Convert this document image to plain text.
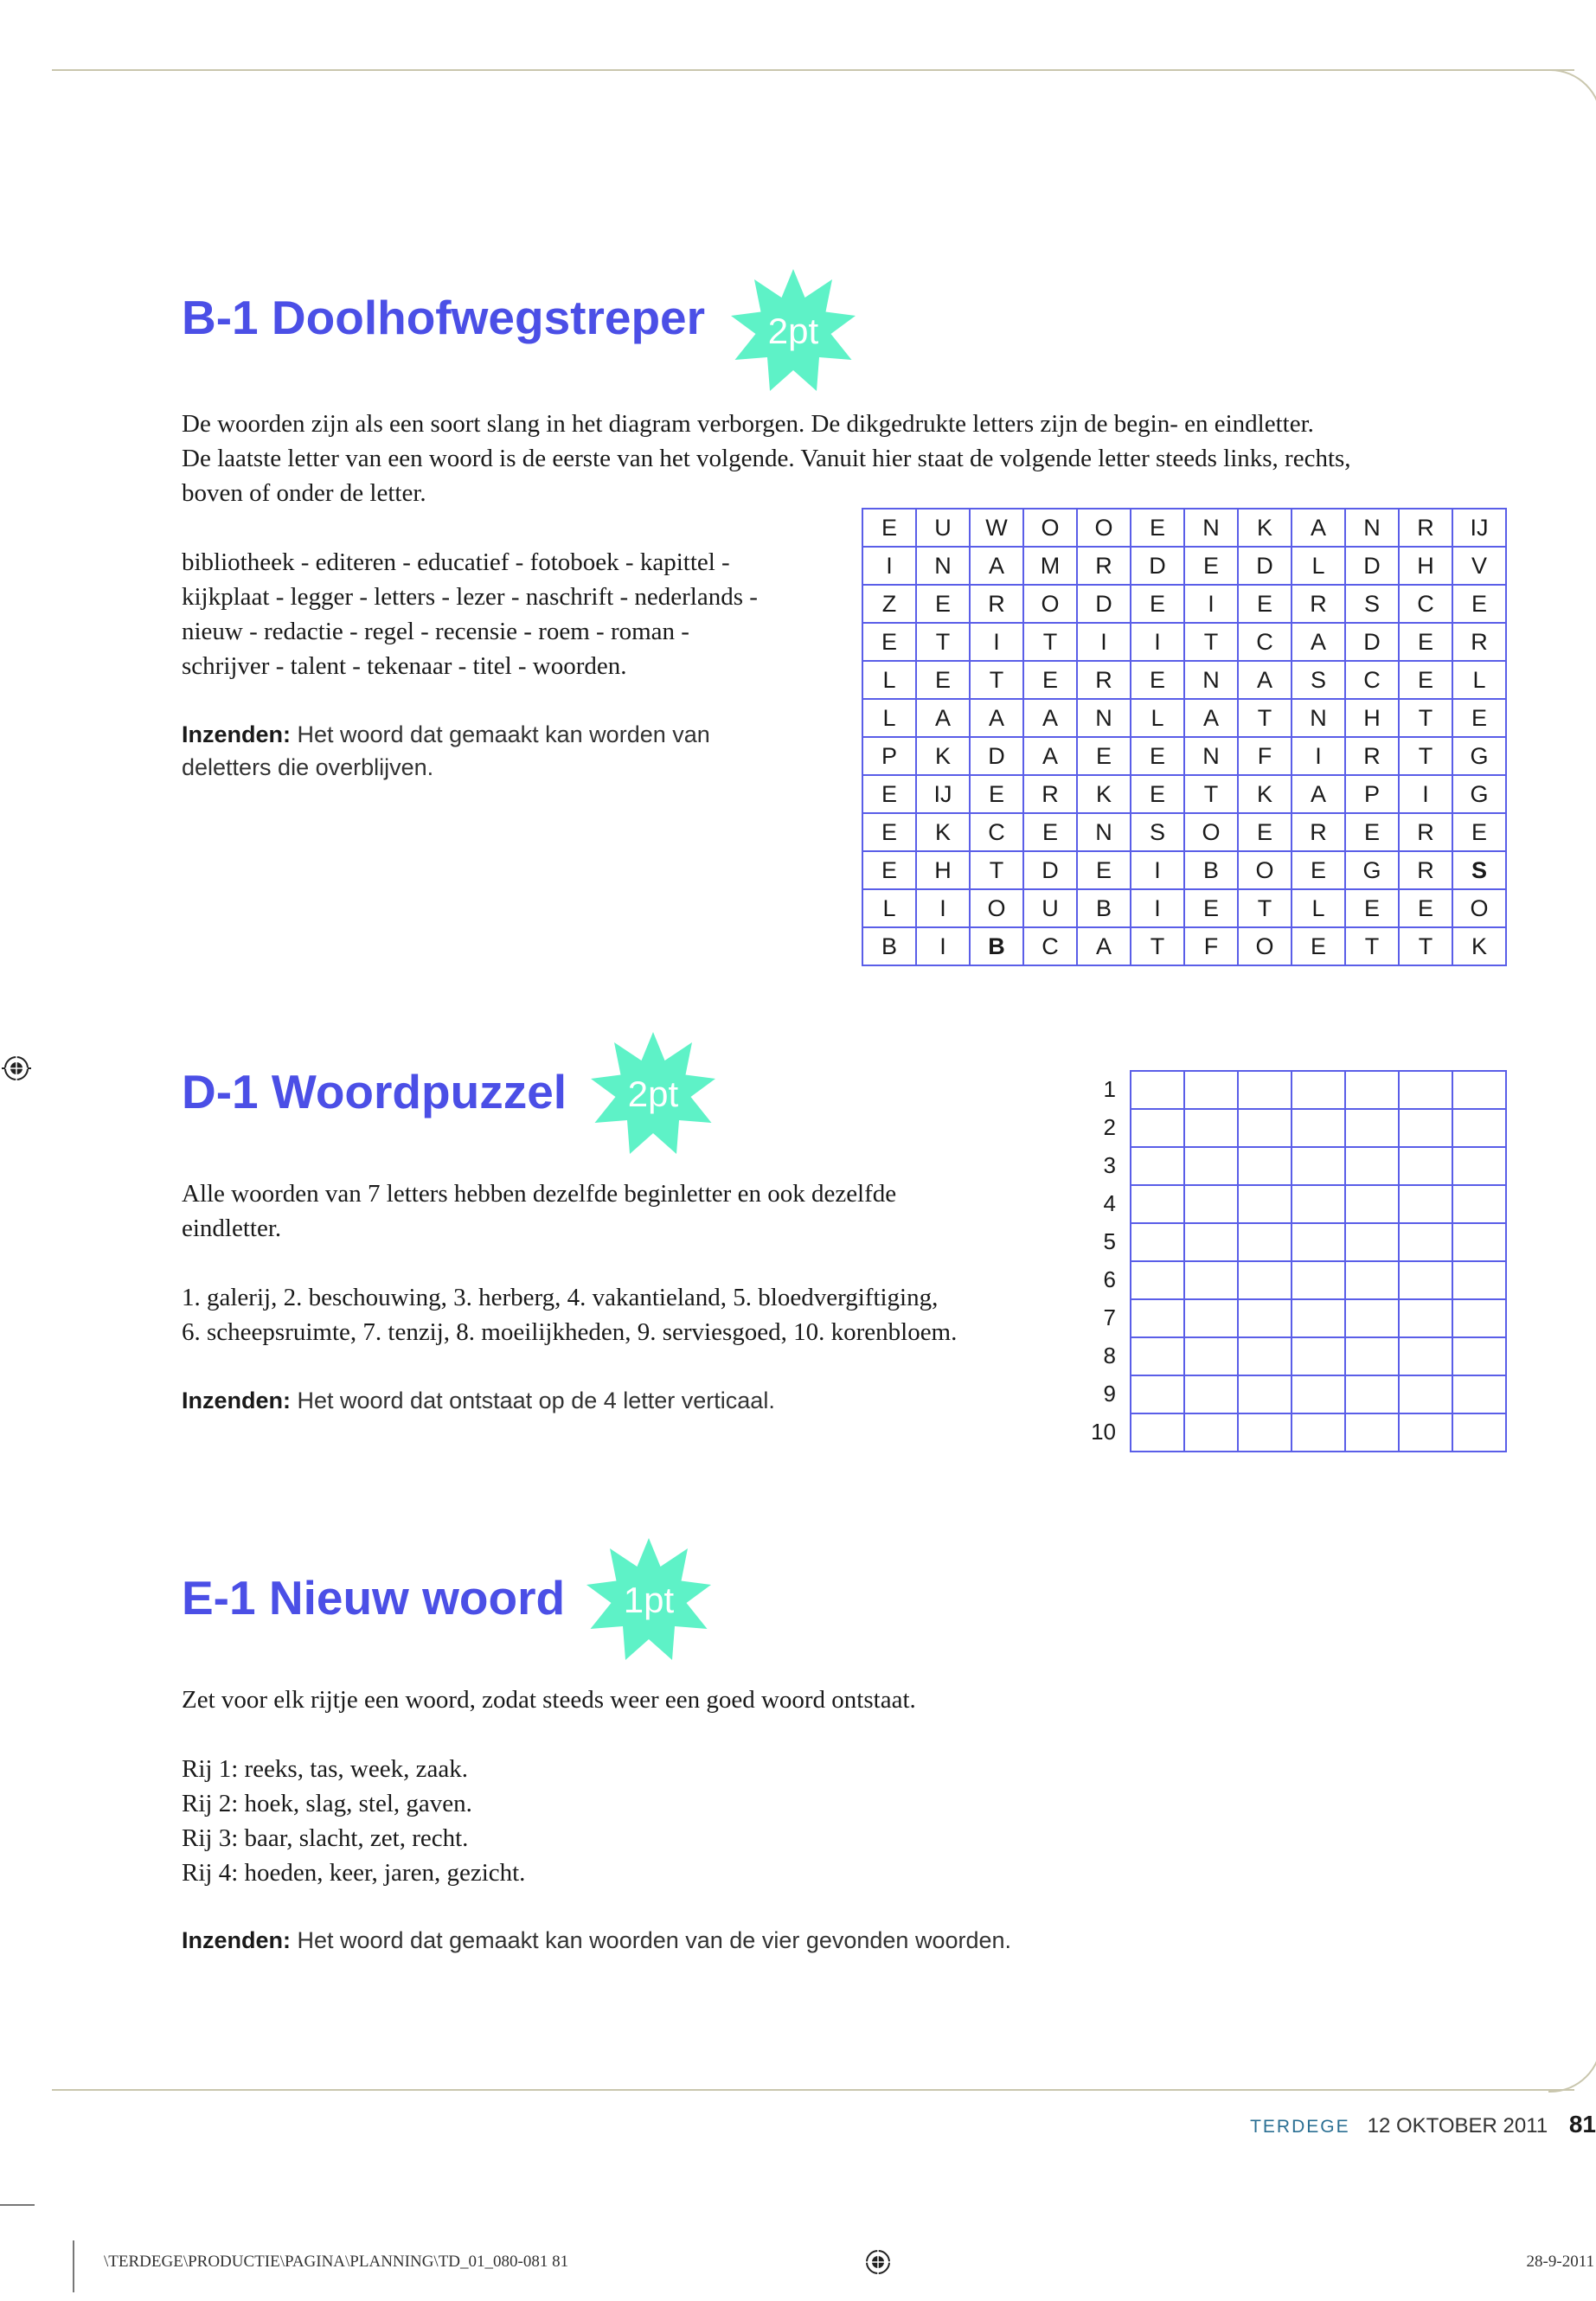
B-1 Doolhofwegstreper	2pt

De woorden zijn als een soort slang in het diagram verborgen. De dikgedrukte letters zijn de begin- en eindletter.

De laatste letter van een woord is de eerste van het volgende. Vanuit hier staat de volgende letter steeds links, rechts,

boven of onder de letter.

bibliotheek - editeren - educatief - fotoboek - kapittel -

kijkplaat - legger - letters - lezer - naschrift - nederlands -

nieuw - redactie - regel - recensie - roem - roman -

schrijver - talent - tekenaar - titel - woorden.

Inzenden: Het woord dat gemaakt kan worden van
deletters die overblijven.
E	U	W	O	O	E	N	K	A	N	R	IJ
I	N	A	M	R	D	E	D	L	D	H	V
Z	E	R	O	D	E	I	E	R	S	C	E
E	T	I	T	I	I	T	C	A	D	E	R
L	E	T	E	R	E	N	A	S	C	E	L
L	A	A	A	N	L	A	T	N	H	T	E
P	K	D	A	E	E	N	F	I	R	T	G
E	IJ	E	R	K	E	T	K	A	P	I	G
E	K	C	E	N	S	O	E	R	E	R	E
E	H	T	D	E	I	B	O	E	G	R	S
L	I	O	U	B	I	E	T	L	E	E	O
B	I	B	C	A	T	F	O	E	T	T	K
D-1 Woordpuzzel	2pt

Alle woorden van 7 letters hebben dezelfde beginletter en ook dezelfde

eindletter.

1. galerij, 2. beschouwing, 3. herberg, 4. vakantieland, 5. bloedvergiftiging,

6. scheepsruimte, 7. tenzij, 8. moeilijkheden, 9. serviesgoed, 10. korenbloem.

Inzenden: Het woord dat ontstaat op de 4 letter verticaal.
1
2
3
4
5
6
7
8
9
10
E-1 Nieuw woord	1pt

Zet voor elk rijtje een woord, zodat steeds weer een goed woord ontstaat.

Rij 1: reeks, tas, week, zaak.

Rij 2: hoek, slag, stel, gaven.

Rij 3: baar, slacht, zet, recht.

Rij 4: hoeden, keer, jaren, gezicht.

Inzenden: Het woord dat gemaakt kan woorden van de vier gevonden woorden.
TERDEGE 12 OKTOBER 2011 81
\TERDEGE\PRODUCTIE\PAGINA\PLANNING\TD_01_080-081 81	28-9-2011
